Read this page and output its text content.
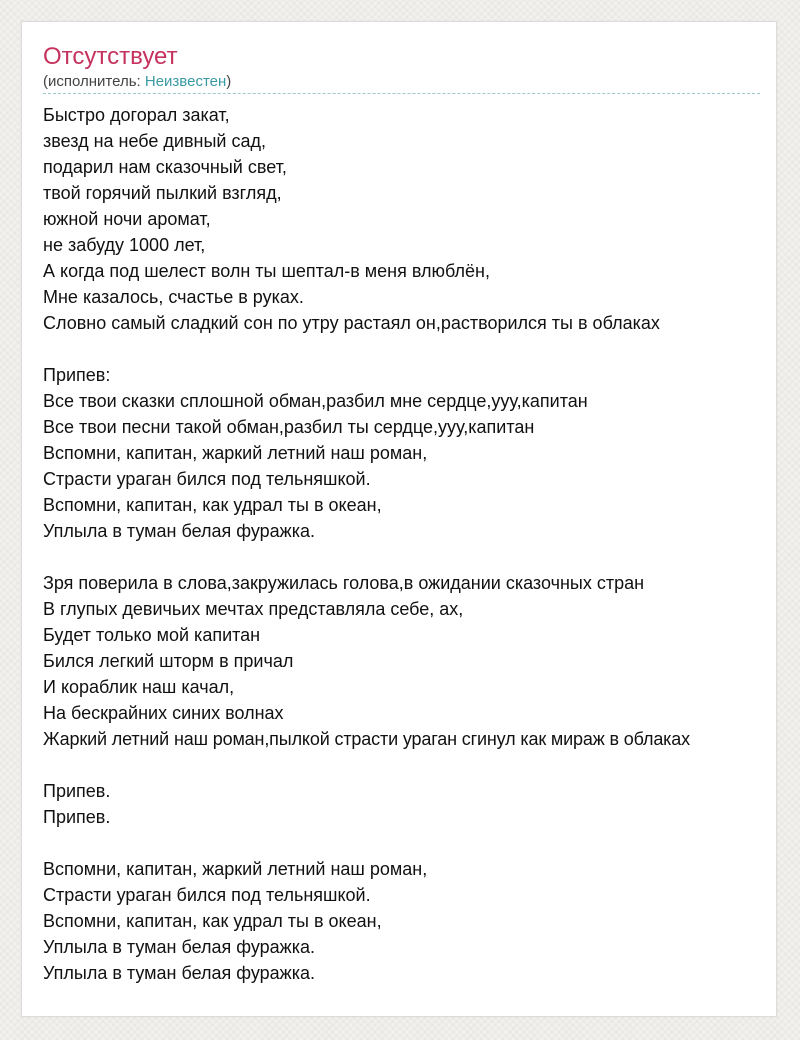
Отсутствует
(исполнитель: Неизвестен)
Быстро догорал закат,
звезд на небе дивный сад,
подарил нам сказочный свет,
твой горячий пылкий взгляд,
южной ночи аромат,
не забуду 1000 лет,
А когда под шелест волн ты шептал-в меня влюблён,
Мне казалось, счастье в руках.
Словно самый сладкий сон по утру растаял он,растворился ты в облаках
Припев:
Все твои сказки сплошной обман,разбил мне сердце,ууу,капитан
Все твои песни такой обман,разбил ты сердце,ууу,капитан
Вспомни, капитан, жаркий летний наш роман,
Страсти ураган бился под тельняшкой.
Вспомни, капитан, как удрал ты в океан,
Уплыла в туман белая фуражка.
Зря поверила в слова,закружилась голова,в ожидании сказочных стран
В глупых девичьих мечтах представляла себе, ах,
Будет только мой капитан
Бился легкий шторм в причал
И кораблик наш качал,
На бескрайних синих волнах
Жаркий летний наш роман,пылкой страсти ураган сгинул как мираж в облаках
Припев.
Припев.
Вспомни, капитан, жаркий летний наш роман,
Страсти ураган бился под тельняшкой.
Вспомни, капитан, как удрал ты в океан,
Уплыла в туман белая фуражка.
Уплыла в туман белая фуражка.
